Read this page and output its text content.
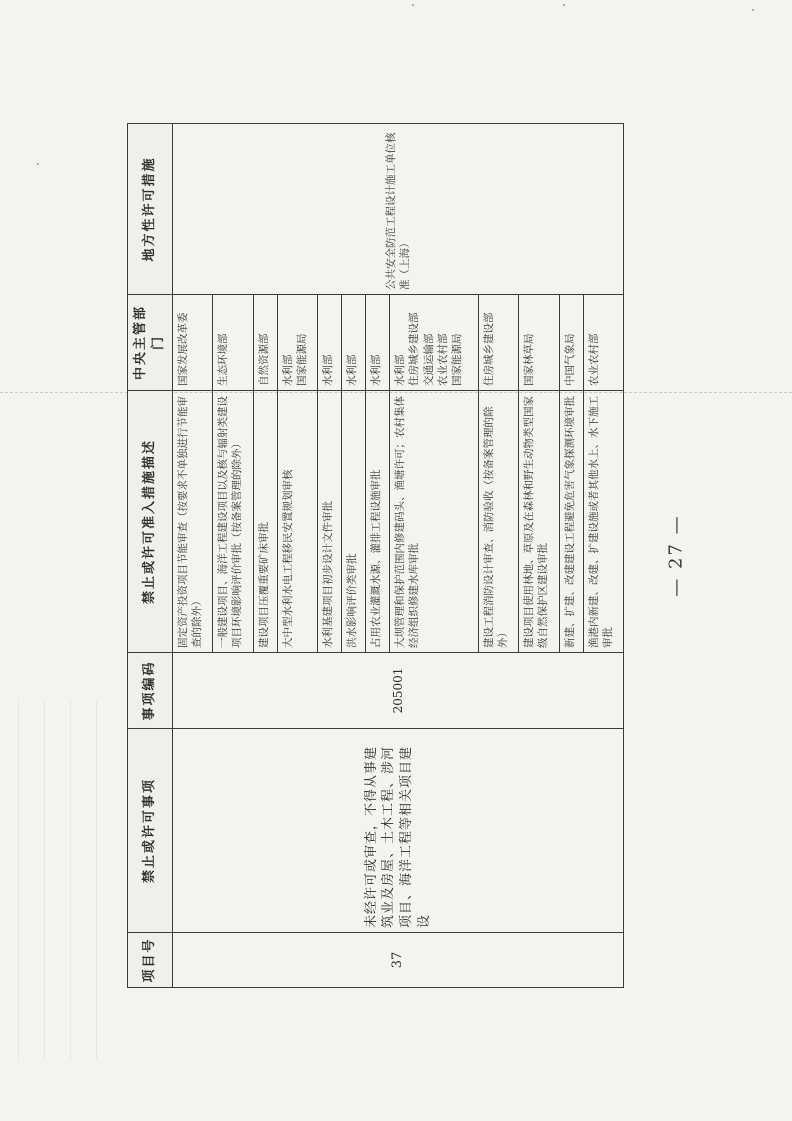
项目号	禁止或许可事项	事项编码	禁止或许可准入措施描述	中央主管部门	地方性许可措施
37	未经许可或审查，不得从事建筑业及房屋、土木工程、涉河项目、海洋工程等相关项目建设	205001	固定资产投资项目节能审查（按要求不单独进行节能审查的除外）	国家发展改革委	公共安全防范工程设计施工单位核准（上海）
			一般建设项目、海洋工程建设项目以及核与辐射类建设项目环境影响评价审批（按备案管理的除外）	生态环境部	
			建设项目压覆重要矿床审批	自然资源部	
			大中型水利水电工程移民安置规划审核	水利部
国家能源局	
			水利基建项目初步设计文件审批	水利部	
			洪水影响评价类审批	水利部	
			占用农业灌溉水源、灌排工程设施审批	水利部	
			大坝管理和保护范围内修建码头、渔塘许可；农村集体经济组织修建水库审批	水利部
住房城乡建设部
交通运输部
农业农村部
国家能源局	
			建设工程消防设计审查、消防验收（按备案管理的除外）	住房城乡建设部	
			建设项目使用林地、草原及在森林和野生动物类型国家级自然保护区建设审批	国家林草局	
			新建、扩建、改建建设工程避免危害气象探测环境审批	中国气象局	
			渔港内新建、改建、扩建设施或者其他水上、水下施工审批	农业农村部	
— 27 —
